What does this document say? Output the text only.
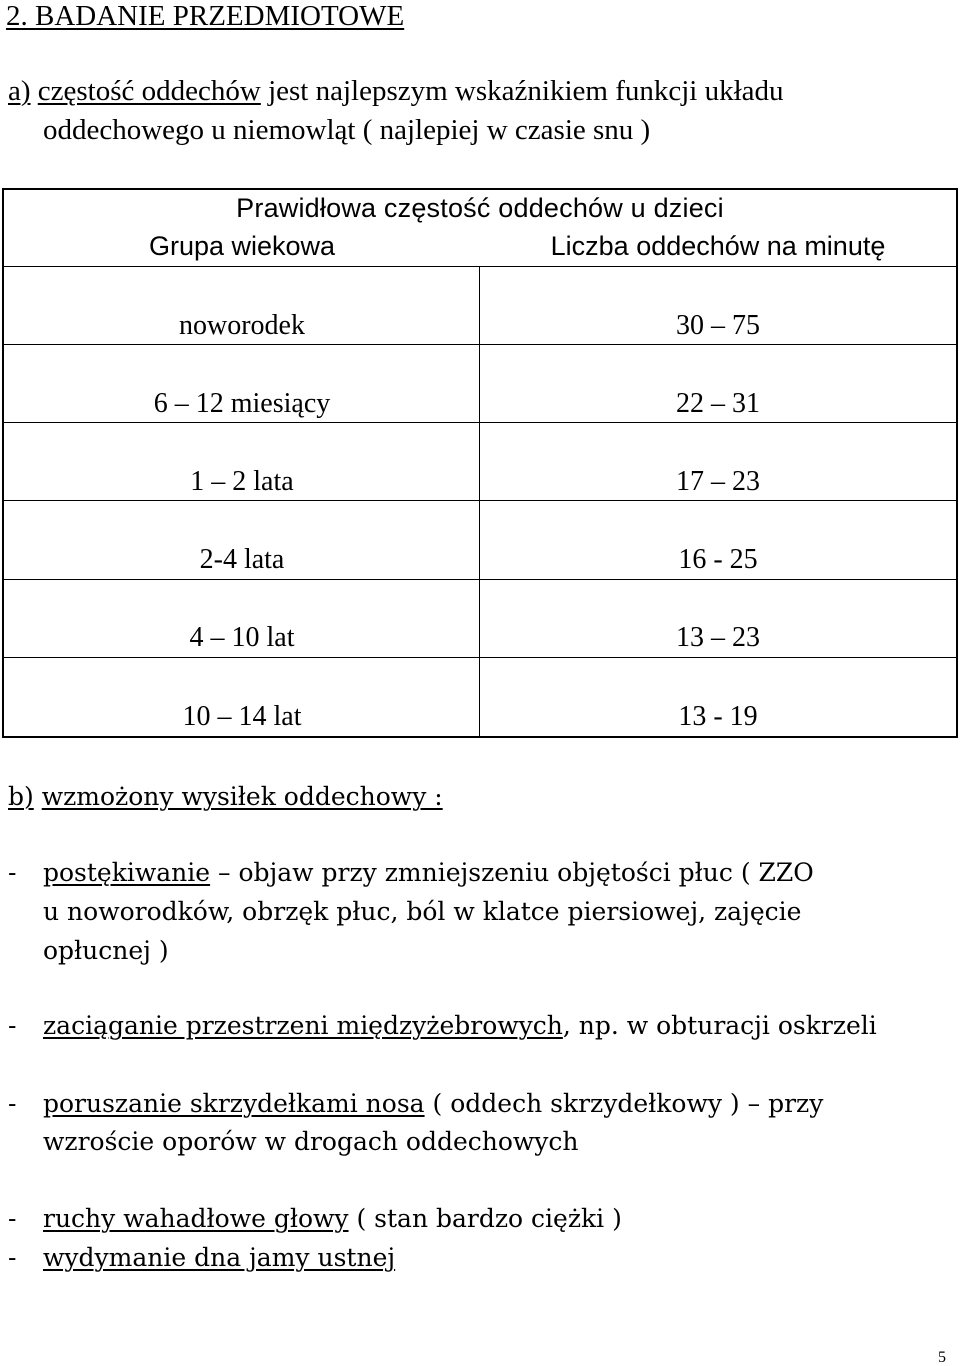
2. BADANIE PRZEDMIOTOWE
a) częstość oddechów jest najlepszym wskaźnikiem funkcji układu
oddechowego u niemowląt ( najlepiej w czasie snu )
Prawidłowa częstość oddechów u dzieci
Grupa wiekowa	Liczba oddechów na minutę
noworodek	30 – 75
6 – 12 miesiący	22 – 31
1 – 2 lata	17 – 23
2-4 lata	16 - 25
4 – 10 lat	13 – 23
10 – 14 lat	13 - 19
b) wzmożony wysiłek oddechowy :
- postękiwanie – objaw przy zmniejszeniu objętości płuc ( ZZO
u noworodków, obrzęk płuc, ból w klatce piersiowej, zajęcie
opłucnej )
- zaciąganie przestrzeni międzyżebrowych, np. w obturacji oskrzeli
- poruszanie skrzydełkami nosa ( oddech skrzydełkowy ) – przy
wzroście oporów w drogach oddechowych
- ruchy wahadłowe głowy ( stan bardzo ciężki )
- wydymanie dna jamy ustnej
5
